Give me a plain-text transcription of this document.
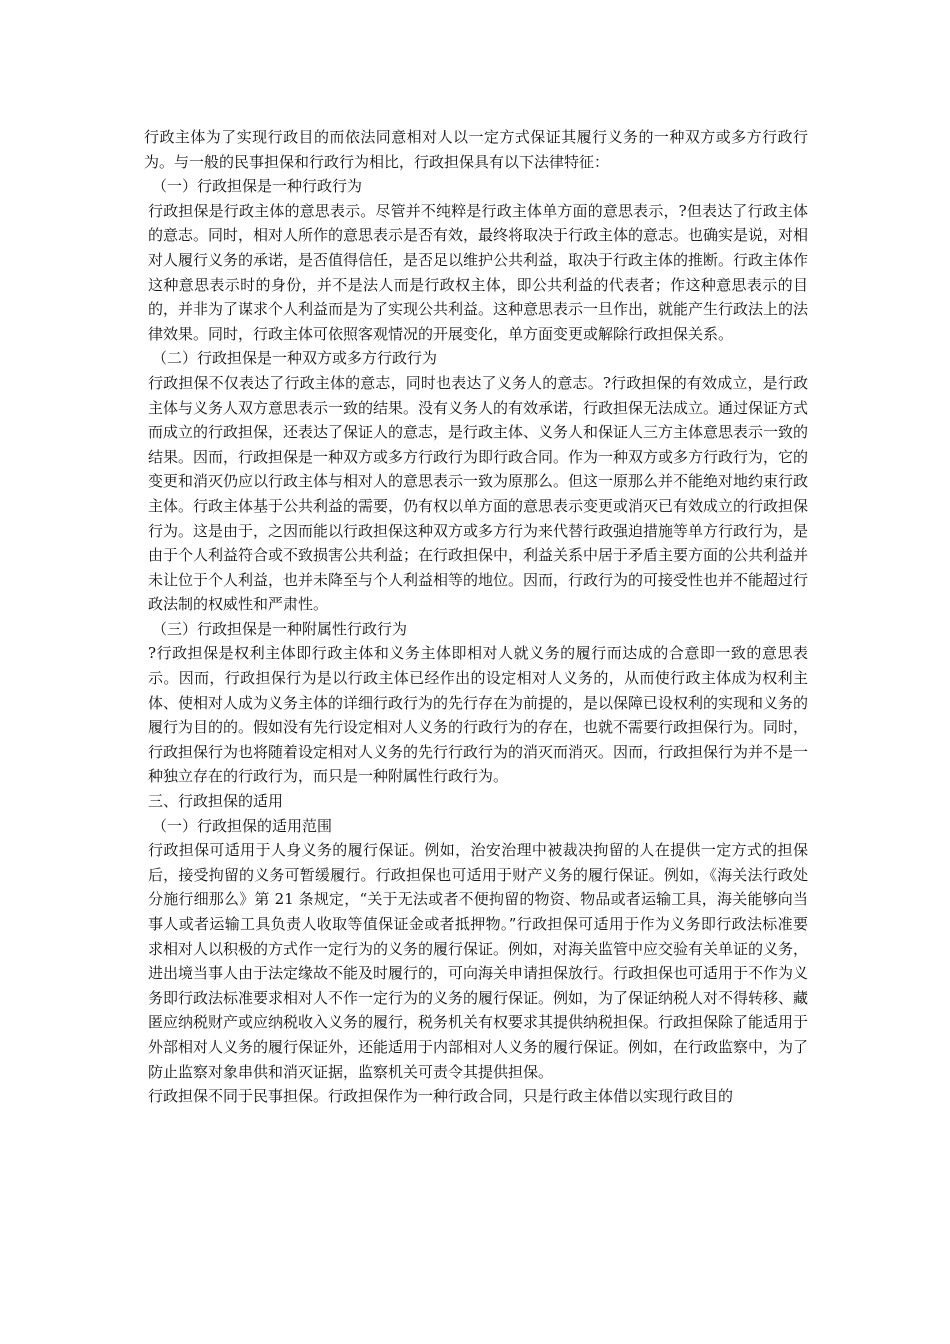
行政主体为了实现行政目的而依法同意相对人以一定方式保证其履行义务的一种双方或多方行政行为。与一般的民事担保和行政行为相比，行政担保具有以下法律特征：

（一）行政担保是一种行政行为

行政担保是行政主体的意思表示。尽管并不纯粹是行政主体单方面的意思表示，?但表达了行政主体的意志。同时，相对人所作的意思表示是否有效，最终将取决于行政主体的意志。也确实是说，对相对人履行义务的承诺，是否值得信任，是否足以维护公共利益，取决于行政主体的推断。行政主体作这种意思表示时的身份，并不是法人而是行政权主体，即公共利益的代表者；作这种意思表示的目的，并非为了谋求个人利益而是为了实现公共利益。这种意思表示一旦作出，就能产生行政法上的法律效果。同时，行政主体可依照客观情况的开展变化，单方面变更或解除行政担保关系。

（二）行政担保是一种双方或多方行政行为

行政担保不仅表达了行政主体的意志，同时也表达了义务人的意志。?行政担保的有效成立，是行政主体与义务人双方意思表示一致的结果。没有义务人的有效承诺，行政担保无法成立。通过保证方式而成立的行政担保，还表达了保证人的意志，是行政主体、义务人和保证人三方主体意思表示一致的结果。因而，行政担保是一种双方或多方行政行为即行政合同。作为一种双方或多方行政行为，它的变更和消灭仍应以行政主体与相对人的意思表示一致为原那么。但这一原那么并不能绝对地约束行政主体。行政主体基于公共利益的需要，仍有权以单方面的意思表示变更或消灭已有效成立的行政担保行为。这是由于，之因而能以行政担保这种双方或多方行为来代替行政强迫措施等单方行政行为，是由于个人利益符合或不致损害公共利益；在行政担保中，利益关系中居于矛盾主要方面的公共利益并未让位于个人利益，也并未降至与个人利益相等的地位。因而，行政行为的可接受性也并不能超过行政法制的权威性和严肃性。

（三）行政担保是一种附属性行政行为

?行政担保是权利主体即行政主体和义务主体即相对人就义务的履行而达成的合意即一致的意思表示。因而，行政担保行为是以行政主体已经作出的设定相对人义务的，从而使行政主体成为权利主体、使相对人成为义务主体的详细行政行为的先行存在为前提的，是以保障已设权利的实现和义务的履行为目的的。假如没有先行设定相对人义务的行政行为的存在，也就不需要行政担保行为。同时，行政担保行为也将随着设定相对人义务的先行行政行为的消灭而消灭。因而，行政担保行为并不是一种独立存在的行政行为，而只是一种附属性行政行为。

三、行政担保的适用

（一）行政担保的适用范围

行政担保可适用于人身义务的履行保证。例如，治安治理中被裁决拘留的人在提供一定方式的担保后，接受拘留的义务可暂缓履行。行政担保也可适用于财产义务的履行保证。例如，《海关法行政处分施行细那么》第 21 条规定，“关于无法或者不便拘留的物资、物品或者运输工具，海关能够向当事人或者运输工具负责人收取等值保证金或者抵押物。”行政担保可适用于作为义务即行政法标准要求相对人以积极的方式作一定行为的义务的履行保证。例如，对海关监管中应交验有关单证的义务，进出境当事人由于法定缘故不能及时履行的，可向海关申请担保放行。行政担保也可适用于不作为义务即行政法标准要求相对人不作一定行为的义务的履行保证。例如，为了保证纳税人对不得转移、藏匿应纳税财产或应纳税收入义务的履行，税务机关有权要求其提供纳税担保。行政担保除了能适用于外部相对人义务的履行保证外，还能适用于内部相对人义务的履行保证。例如，在行政监察中，为了防止监察对象串供和消灭证据，监察机关可责令其提供担保。

行政担保不同于民事担保。行政担保作为一种行政合同，只是行政主体借以实现行政目的
